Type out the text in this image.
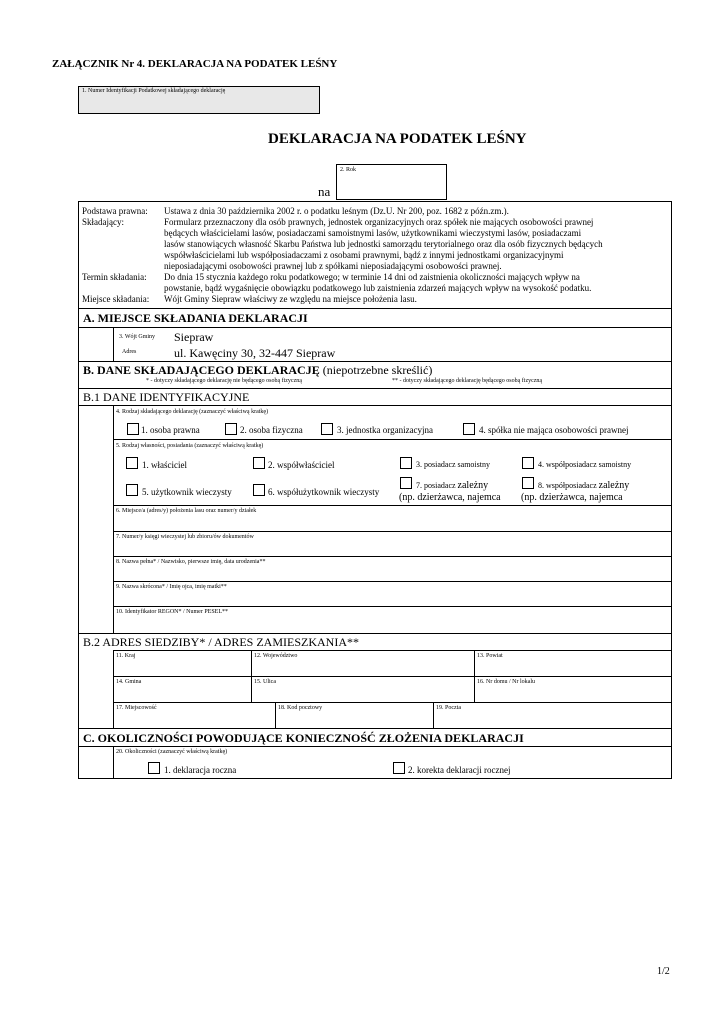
ZAŁĄCZNIK Nr 4. DEKLARACJA NA PODATEK LEŚNY
1. Numer Identyfikacji Podatkowej składającego deklarację
DEKLARACJA NA PODATEK LEŚNY
2. Rok
na
Podstawa prawna: Ustawa z dnia 30 października 2002 r. o podatku leśnym (Dz.U. Nr 200, poz. 1682 z późn.zm.).
Składający:	Formularz przeznaczony dla osób prawnych, jednostek organizacyjnych oraz spółek nie mających osobowości prawnej
będących właścicielami lasów, posiadaczami samoistnymi lasów, użytkownikami wieczystymi lasów, posiadaczami
lasów stanowiących własność Skarbu Państwa lub jednostki samorządu terytorialnego oraz dla osób fizycznych będących
współwłaścicielami lub współposiadaczami z osobami prawnymi, bądź z innymi jednostkami organizacyjnymi
nieposiadającymi osobowości prawnej lub z spółkami nieposiadającymi osobowości prawnej.
Termin składania: Do dnia 15 stycznia każdego roku podatkowego; w terminie 14 dni od zaistnienia okoliczności mających wpływ na
powstanie, bądź wygaśnięcie obowiązku podatkowego lub zaistnienia zdarzeń mających wpływ na wysokość podatku.
Miejsce składania: Wójt Gminy Siepraw właściwy ze względu na miejsce położenia lasu.
A. MIEJSCE SKŁADANIA DEKLARACJI
3. Wójt Gminy Siepraw
Adres	ul. Kawęciny 30, 32-447 Siepraw
B. DANE SKŁADAJĄCEGO DEKLARACJĘ (niepotrzebne skreślić)
* - dotyczy składającego deklarację nie będącego osobą fizyczną	** - dotyczy składającego deklarację będącego osobą fizyczną
B.1 DANE IDENTYFIKACYJNE
4. Rodzaj składającego deklarację (zaznaczyć właściwą kratkę)
1. osoba prawna	2. osoba fizyczna	3. jednostka organizacyjna	4. spółka nie mająca osobowości prawnej
5. Rodzaj własności, posiadania (zaznaczyć właściwą kratkę)
1. właściciel	2. współwłaściciel	3. posiadacz samoistny	4. współposiadacz samoistny
5. użytkownik wieczysty	6. współużytkownik wieczysty
7. posiadacz zależny
(np. dzierżawca, najemca
8. współposiadacz zależny
(np. dzierżawca, najemca
6. Miejsce/a (adres/y) położenia lasu oraz numer/y działek
7. Numer/y księgi wieczystej lub zbioru/ów dokumentów
8. Nazwa pełna* / Nazwisko, pierwsze imię, data urodzenia**
9. Nazwa skrócona* / Imię ojca, imię matki**
10. Identyfikator REGON* / Numer PESEL**
B.2 ADRES SIEDZIBY* / ADRES ZAMIESZKANIA**
11. Kraj	12. Województwo	13. Powiat
14. Gmina	15. Ulica	16. Nr domu / Nr lokalu
17. Miejscowość	18. Kod pocztowy	19. Poczta
C. OKOLICZNOŚCI POWODUJĄCE KONIECZNOŚĆ ZŁOŻENIA DEKLARACJI
20. Okoliczności (zaznaczyć właściwą kratkę)
1. deklaracja roczna	2. korekta deklaracji rocznej
1/2
